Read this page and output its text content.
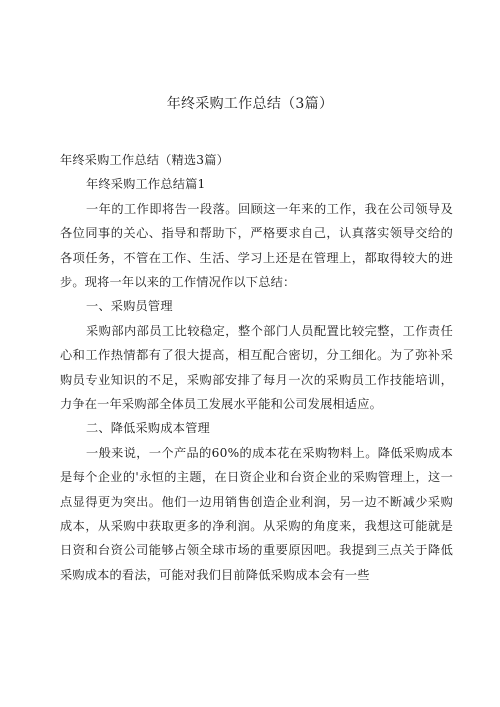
年终采购工作总结（3篇）
年终采购工作总结（精选3篇）
年终采购工作总结篇1
一年的工作即将告一段落。回顾这一年来的工作，我在公司领导及各位同事的关心、指导和帮助下，严格要求自己，认真落实领导交给的各项任务，不管在工作、生活、学习上还是在管理上，都取得较大的进步。现将一年以来的工作情况作以下总结：
一、采购员管理
采购部内部员工比较稳定，整个部门人员配置比较完整，工作责任心和工作热情都有了很大提高，相互配合密切，分工细化。为了弥补采购员专业知识的不足，采购部安排了每月一次的采购员工作技能培训，力争在一年采购部全体员工发展水平能和公司发展相适应。
二、降低采购成本管理
一般来说，一个产品的60%的成本花在采购物料上。降低采购成本是每个企业的'永恒的主题，在日资企业和台资企业的采购管理上，这一点显得更为突出。他们一边用销售创造企业利润，另一边不断减少采购成本，从采购中获取更多的净利润。从采购的角度来，我想这可能就是日资和台资公司能够占领全球市场的重要原因吧。我提到三点关于降低采购成本的看法，可能对我们目前降低采购成本会有一些
